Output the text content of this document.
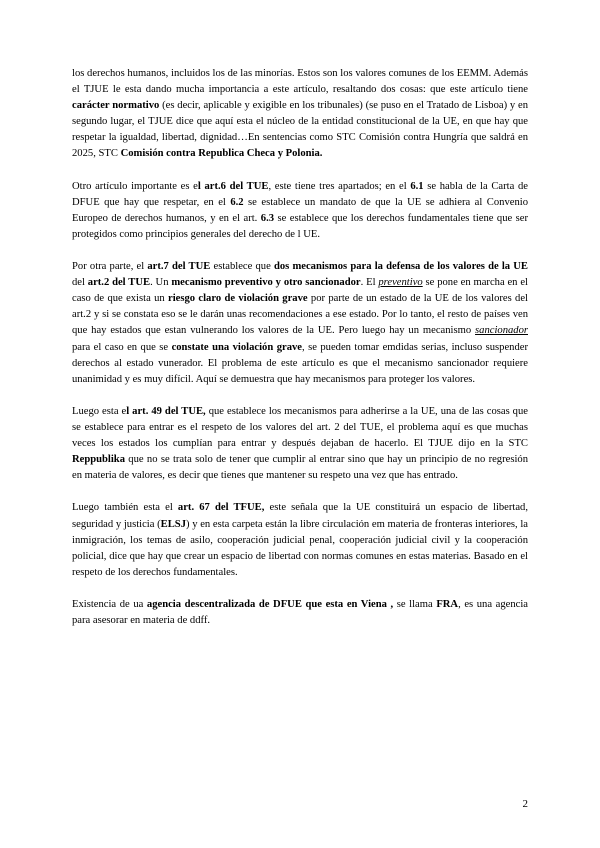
los derechos humanos, incluidos los de las minorías. Estos son los valores comunes de los EEMM. Además el TJUE le esta dando mucha importancia a este artículo, resaltando dos cosas: que este artículo tiene carácter normativo (es decir, aplicable y exigible en los tribunales) (se puso en el Tratado de Lisboa) y en segundo lugar, el TJUE dice que aquí esta el núcleo de la entidad constitucional de la UE, en que hay que respetar la igualdad, libertad, dignidad…En sentencias como STC Comisión contra Hungría que saldrá en 2025, STC Comisión contra Republica Checa y Polonia.

Otro artículo importante es el art.6 del TUE, este tiene tres apartados; en el 6.1 se habla de la Carta de DFUE que hay que respetar, en el 6.2 se establece un mandato de que la UE se adhiera al Convenio Europeo de derechos humanos, y en el art. 6.3 se establece que los derechos fundamentales tiene que ser protegidos como principios generales del derecho de l UE.

Por otra parte, el art.7 del TUE establece que dos mecanismos para la defensa de los valores de la UE del art.2 del TUE. Un mecanismo preventivo y otro sancionador. El preventivo se pone en marcha en el caso de que exista un riesgo claro de violación grave por parte de un estado de la UE de los valores del art.2 y si se constata eso se le darán unas recomendaciones a ese estado. Por lo tanto, el resto de países ven que hay estados que estan vulnerando los valores de la UE. Pero luego hay un mecanismo sancionador para el caso en que se constate una violación grave, se pueden tomar emdidas serias, incluso suspender derechos al estado vunerador. El problema de este artículo es que el mecanismo sancionador requiere unanimidad y es muy difícil. Aquí se demuestra que hay mecanismos para proteger los valores.

Luego esta el art. 49 del TUE, que establece los mecanismos para adherirse a la UE, una de las cosas que se establece para entrar es el respeto de los valores del art. 2 del TUE, el problema aquí es que muchas veces los estados los cumplían para entrar y después dejaban de hacerlo. El TJUE dijo en la STC Reppublika que no se trata solo de tener que cumplir al entrar sino que hay un principio de no regresión en materia de valores, es decir que tienes que mantener su respeto una vez que has entrado.

Luego también esta el art. 67 del TFUE, este señala que la UE constituirá un espacio de libertad, seguridad y justicia (ELSJ) y en esta carpeta están la libre circulación em materia de fronteras interiores, la inmigración, los temas de asilo, cooperación judicial penal, cooperación judicial civil y la cooperación policial, dice que hay que crear un espacio de libertad con normas comunes en estas materias. Basado en el respeto de los derechos fundamentales.

Existencia de ua agencia descentralizada de DFUE que esta en Viena , se llama FRA, es una agencia para asesorar en materia de ddff.

2
